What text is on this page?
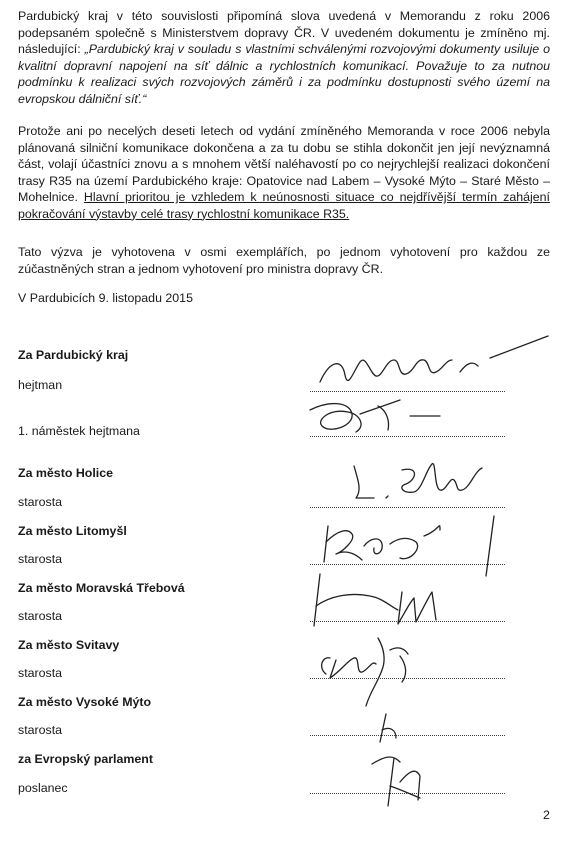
Pardubický kraj v této souvislosti připomíná slova uvedená v Memorandu z roku 2006 podepsaném společně s Ministerstvem dopravy ČR. V uvedeném dokumentu je zmíněno mj. následující: „Pardubický kraj v souladu s vlastními schválenými rozvojovými dokumenty usiluje o kvalitní dopravní napojení na síť dálnic a rychlostních komunikací. Považuje to za nutnou podmínku k realizaci svých rozvojových záměrů i za podmínku dostupnosti svého území na evropskou dálniční síť.“

Protože ani po necelých deseti letech od vydání zmíněného Memoranda v roce 2006 nebyla plánovaná silniční komunikace dokončena a za tu dobu se stihla dokončit jen její nevýznamná část, volají účastníci znovu a s mnohem větší naléhavostí po co nejrychlejší realizaci dokončení trasy R35 na území Pardubického kraje: Opatovice nad Labem – Vysoké Mýto – Staré Město – Mohelnice. Hlavní prioritou je vzhledem k neúnosnosti situace co nejdřívější termín zahájení pokračování výstavby celé trasy rychlostní komunikace R35.

Tato výzva je vyhotovena v osmi exemplářích, po jednom vyhotovení pro každou ze zúčastněných stran a jednom vyhotovení pro ministra dopravy ČR.

V Pardubicích 9. listopadu 2015

Za Pardubický kraj
hejtman
1. náměstek hejtmana
Za město Holice
starosta
Za město Litomyšl
starosta
Za město Moravská Třebová
starosta
Za město Svitavy
starosta
Za město Vysoké Mýto
starosta
za Evropský parlament
poslanec
2
